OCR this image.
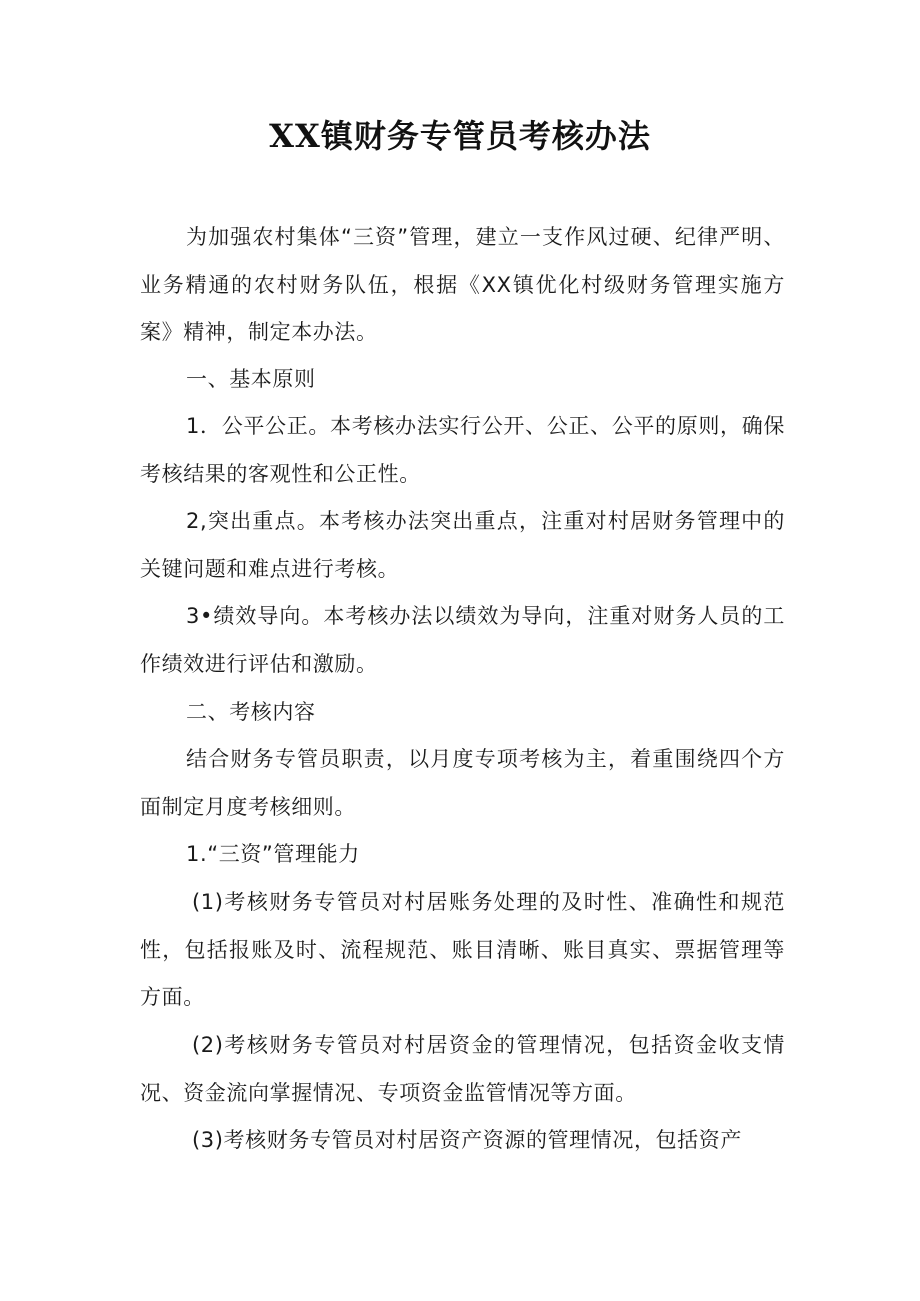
XX镇财务专管员考核办法

为加强农村集体“三资”管理，建立一支作风过硬、纪律严明、业务精通的农村财务队伍，根据《XX镇优化村级财务管理实施方案》精神，制定本办法。

一、基本原则

1．公平公正。本考核办法实行公开、公正、公平的原则，确保考核结果的客观性和公正性。

2,突出重点。本考核办法突出重点，注重对村居财务管理中的关键问题和难点进行考核。

3•绩效导向。本考核办法以绩效为导向，注重对财务人员的工作绩效进行评估和激励。

二、考核内容

结合财务专管员职责，以月度专项考核为主，着重围绕四个方面制定月度考核细则。

1.“三资”管理能力

(1)考核财务专管员对村居账务处理的及时性、准确性和规范性，包括报账及时、流程规范、账目清晰、账目真实、票据管理等方面。

(2)考核财务专管员对村居资金的管理情况，包括资金收支情况、资金流向掌握情况、专项资金监管情况等方面。

(3)考核财务专管员对村居资产资源的管理情况，包括资产
